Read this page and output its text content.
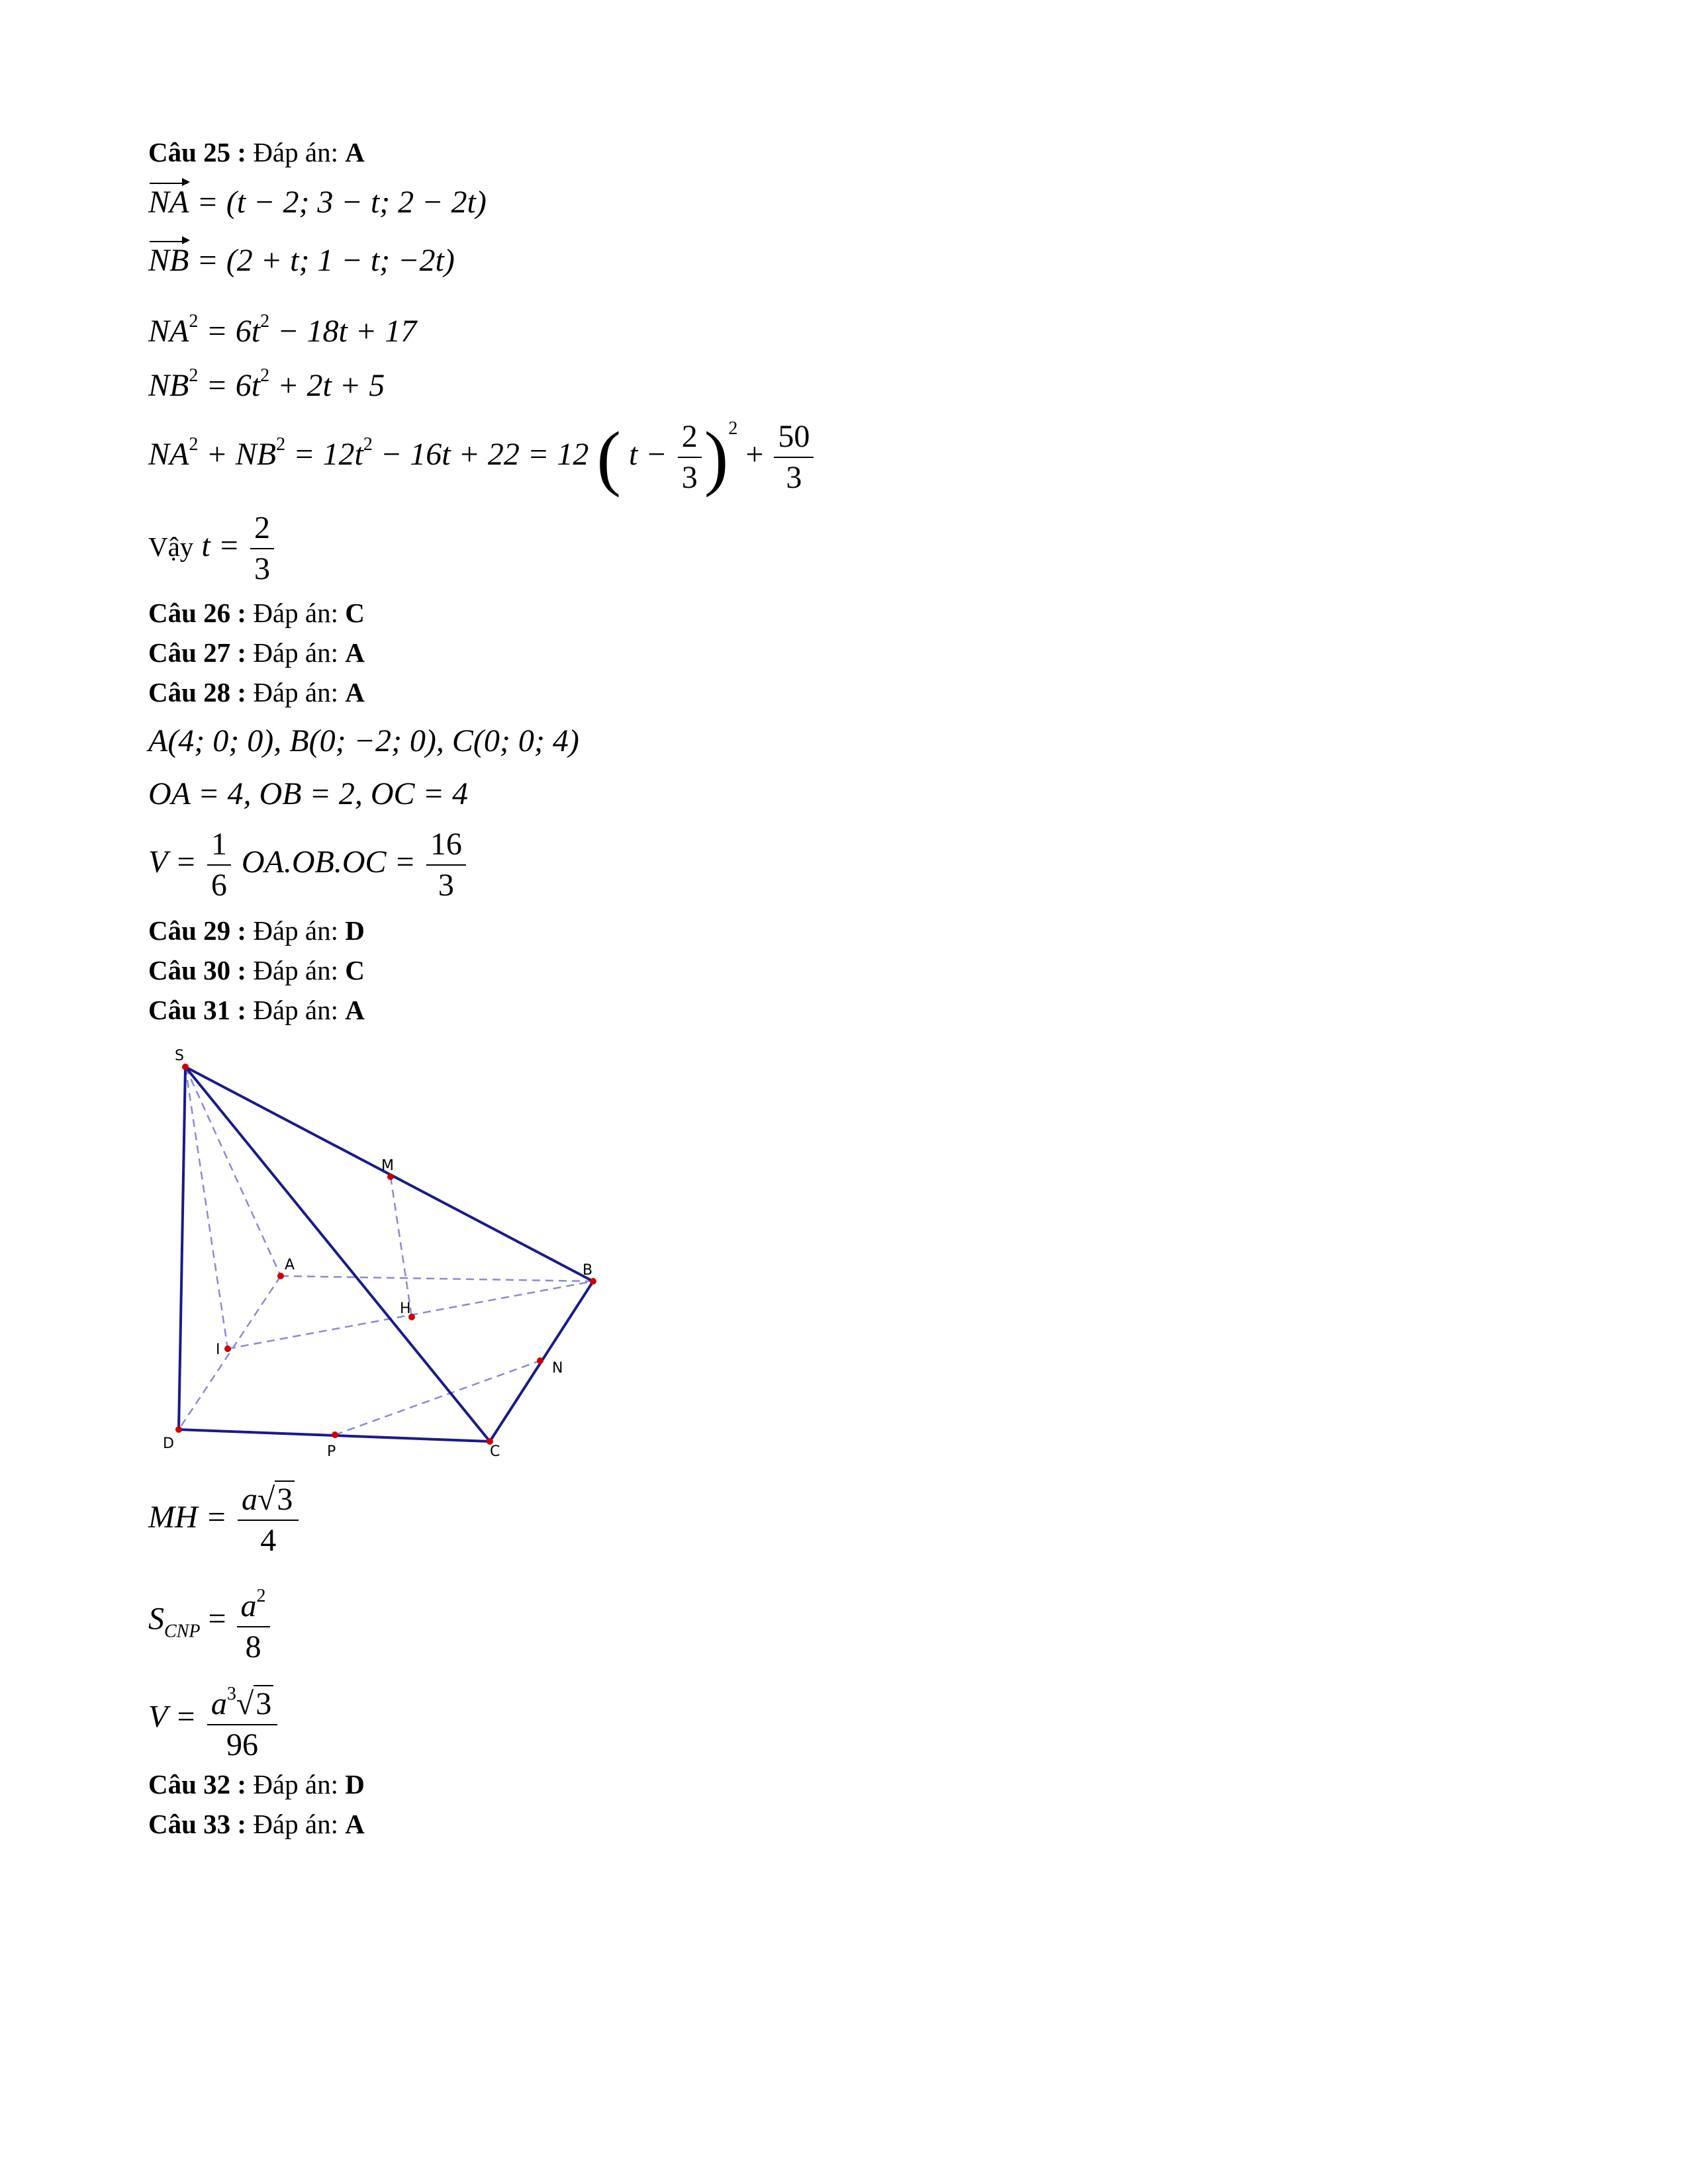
Câu 25 : Đáp án: A
NA = (t − 2; 3 − t; 2 − 2t)
NB = (2 + t; 1 − t; −2t)
$NA^2 = 6t^2 - 18t + 17$
$NB^2 = 6t^2 + 2t + 5$
$NA^2 + NB^2 = 12t^2 - 16t + 22 = 12$ ( $t - \frac{2}{3} )^2 + \frac{50}{3}$
Vậy $t = \frac{2}{3}$
Câu 26 : Đáp án: C
Câu 27 : Đáp án: A
Câu 28 : Đáp án: A
A(4; 0; 0), B(0; −2; 0), C(0; 0; 4)
OA = 4, OB = 2, OC = 4
$V = \frac{1}{6} OA.OB.OC = \frac{16}{3}$
Câu 29 : Đáp án: D
Câu 30 : Đáp án: C
Câu 31 : Đáp án: A
S
M
A	B
H
I
N
D	P	C
MH = $\frac{a√3}{4}$
$S_{CNP} = \frac{a^2}{8}$
$V = \frac{a^3√3}{96}$
Câu 32 : Đáp án: D
Câu 33 : Đáp án: A
